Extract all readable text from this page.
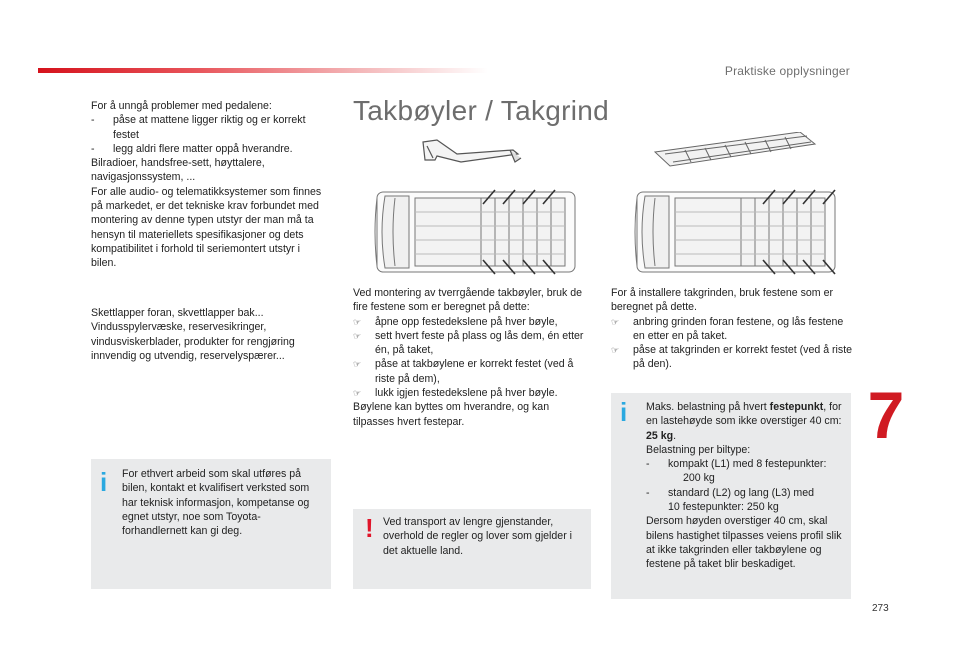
Praktiske opplysninger
7
273

For å unngå problemer med pedalene:

- påse at mattene ligger riktig og er korrekt festet

- legg aldri flere matter oppå hverandre.

Bilradioer, handsfree-sett, høyttalere, navigasjonssystem, ...

For alle audio- og telematikksystemer som finnes på markedet, er det tekniske krav forbundet med montering av denne typen utstyr der man må ta hensyn til materiellets spesifikasjoner og dets kompatibilitet i forhold til seriemontert utstyr i bilen.

Skettlapper foran, skvettlapper bak... Vindusspylervæske, reservesikringer, vindusviskerblader, produkter for rengjøring innvendig og utvendig, reservelyspærer...

i For ethvert arbeid som skal utføres på bilen, kontakt et kvalifisert verksted som har teknisk informasjon, kompetanse og egnet utstyr, noe som Toyota-forhandlernett kan gi deg.
Takbøyler / Takgrind

Ved montering av tverrgående takbøyler, bruk de fire festene som er beregnet på dette:

☞ åpne opp festedekslene på hver bøyle,

☞ sett hvert feste på plass og lås dem, én etter én, på taket,

☞ påse at takbøylene er korrekt festet (ved å riste på dem),

☞ lukk igjen festedekslene på hver bøyle.

Bøylene kan byttes om hverandre, og kan tilpasses hvert festepar.

! Ved transport av lengre gjenstander, overhold de regler og lover som gjelder i det aktuelle land.

For å installere takgrinden, bruk festene som er beregnet på dette.

☞ anbring grinden foran festene, og lås festene en etter en på taket.

☞ påse at takgrinden er korrekt festet (ved å riste på den).

i Maks. belastning på hvert festepunkt, for en lastehøyde som ikke overstiger 40 cm: 25 kg.

Belastning per biltype:

- kompakt (L1) med 8 festepunkter:

200 kg

- standard (L2) og lang (L3) med

10 festepunkter: 250 kg

Dersom høyden overstiger 40 cm, skal bilens hastighet tilpasses veiens profil slik at ikke takgrinden eller takbøylene og festene på taket blir beskadiget.
